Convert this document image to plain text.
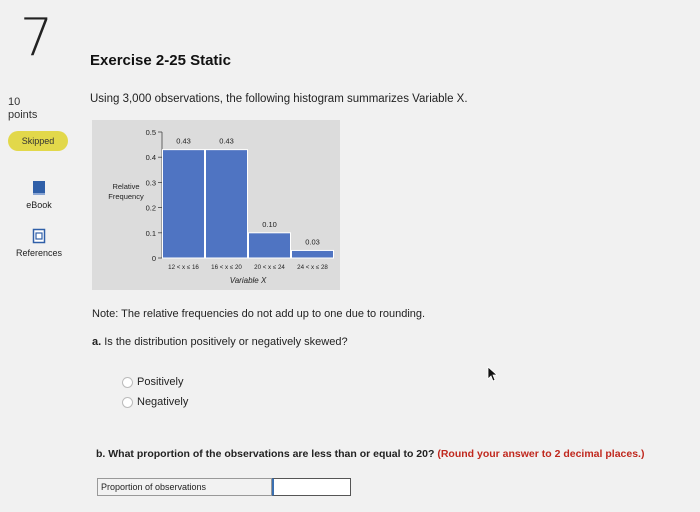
7
10
points
Skipped
eBook
References
Exercise 2-25 Static
Using 3,000 observations, the following histogram summarizes Variable X.
Relative
Frequency
0
0.1
0.2
0.3
0.4
0.5
12 < x ≤ 16 16 < x ≤ 20 20 < x ≤ 24 24 < x ≤ 28
0.43	0.43
0.10
0.03
Variable X
Note: The relative frequencies do not add up to one due to rounding.
a. Is the distribution positively or negatively skewed?
Positively
Negatively
b. What proportion of the observations are less than or equal to 20? (Round your answer to 2 decimal places.)
Proportion of observations
